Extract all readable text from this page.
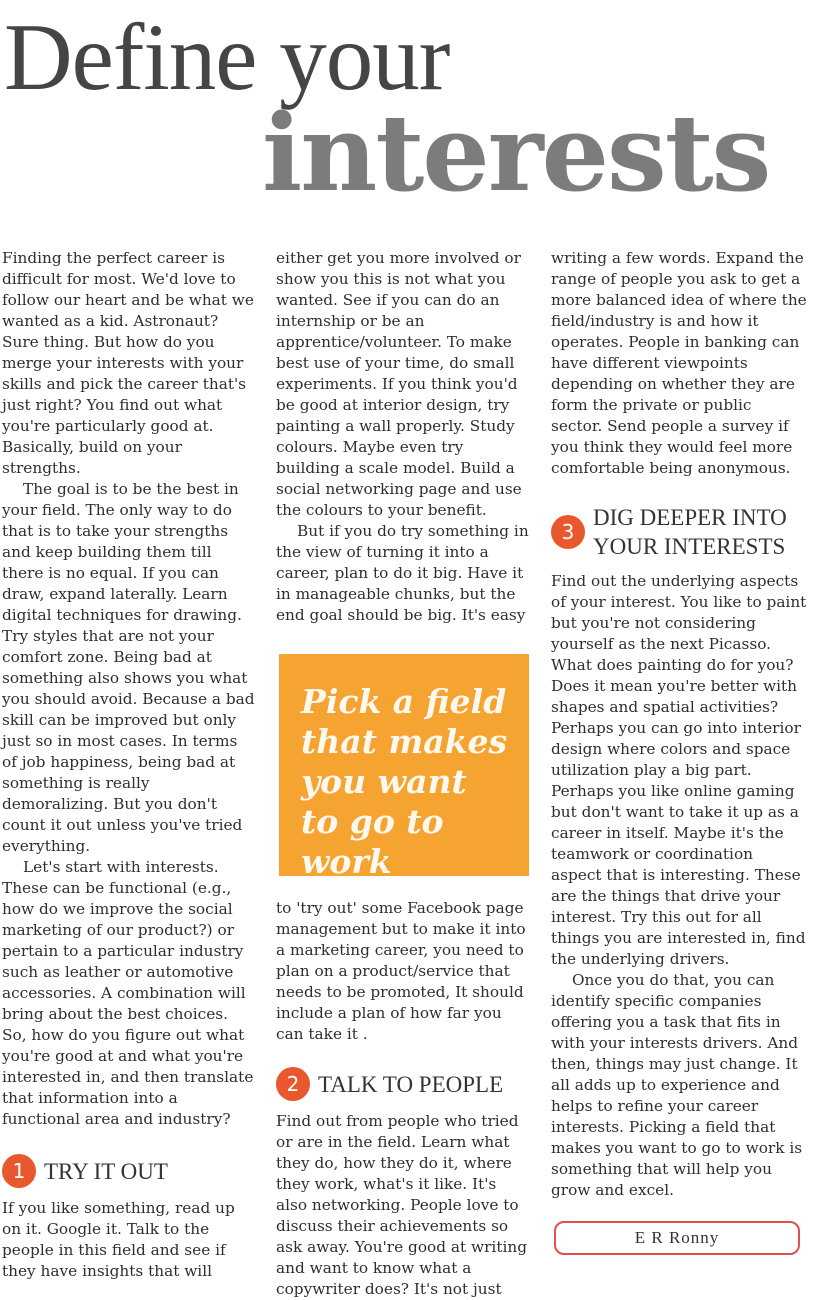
Define your
interests

Finding the perfect career is difficult for most. We'd love to follow our heart and be what we wanted as a kid. Astronaut? Sure thing. But how do you merge your interests with your skills and pick the career that's just right? You find out what you're particularly good at. Basically, build on your strengths.

The goal is to be the best in your field. The only way to do that is to take your strengths and keep building them till there is no equal. If you can draw, expand laterally. Learn digital techniques for drawing. Try styles that are not your comfort zone. Being bad at something also shows you what you should avoid. Because a bad skill can be improved but only just so in most cases. In terms of job happiness, being bad at something is really demoralizing. But you don't count it out unless you've tried everything.

Let's start with interests. These can be functional (e.g., how do we improve the social marketing of our product?) or pertain to a particular industry such as leather or automotive accessories. A combination will bring about the best choices. So, how do you figure out what you're good at and what you're interested in, and then translate that information into a functional area and industry?

1 TRY IT OUT

If you like something, read up on it. Google it. Talk to the people in this field and see if they have insights that will

either get you more involved or show you this is not what you wanted. See if you can do an internship or be an apprentice/volunteer. To make best use of your time, do small experiments. If you think you'd be good at interior design, try painting a wall properly. Study colours. Maybe even try building a scale model. Build a social networking page and use the colours to your benefit.

But if you do try something in the view of turning it into a career, plan to do it big. Have it in manageable chunks, but the end goal should be big. It's easy

Pick a field that makes you want to go to work

to 'try out' some Facebook page management but to make it into a marketing career, you need to plan on a product/service that needs to be promoted, It should include a plan of how far you can take it .

2 TALK TO PEOPLE

Find out from people who tried or are in the field. Learn what they do, how they do it, where they work, what's it like. It's also networking. People love to discuss their achievements so ask away. You're good at writing and want to know what a copywriter does? It's not just

writing a few words. Expand the range of people you ask to get a more balanced idea of where the field/industry is and how it operates. People in banking can have different viewpoints depending on whether they are form the private or public sector. Send people a survey if you think they would feel more comfortable being anonymous.

3
DIG DEEPER INTO YOUR INTERESTS

Find out the underlying aspects of your interest. You like to paint but you're not considering yourself as the next Picasso. What does painting do for you? Does it mean you're better with shapes and spatial activities? Perhaps you can go into interior design where colors and space utilization play a big part. Perhaps you like online gaming but don't want to take it up as a career in itself. Maybe it's the teamwork or coordination aspect that is interesting. These are the things that drive your interest. Try this out for all things you are interested in, find the underlying drivers.

Once you do that, you can identify specific companies offering you a task that fits in with your interests drivers. And then, things may just change. It all adds up to experience and helps to refine your career interests. Picking a field that makes you want to go to work is something that will help you grow and excel.

E R Ronny
